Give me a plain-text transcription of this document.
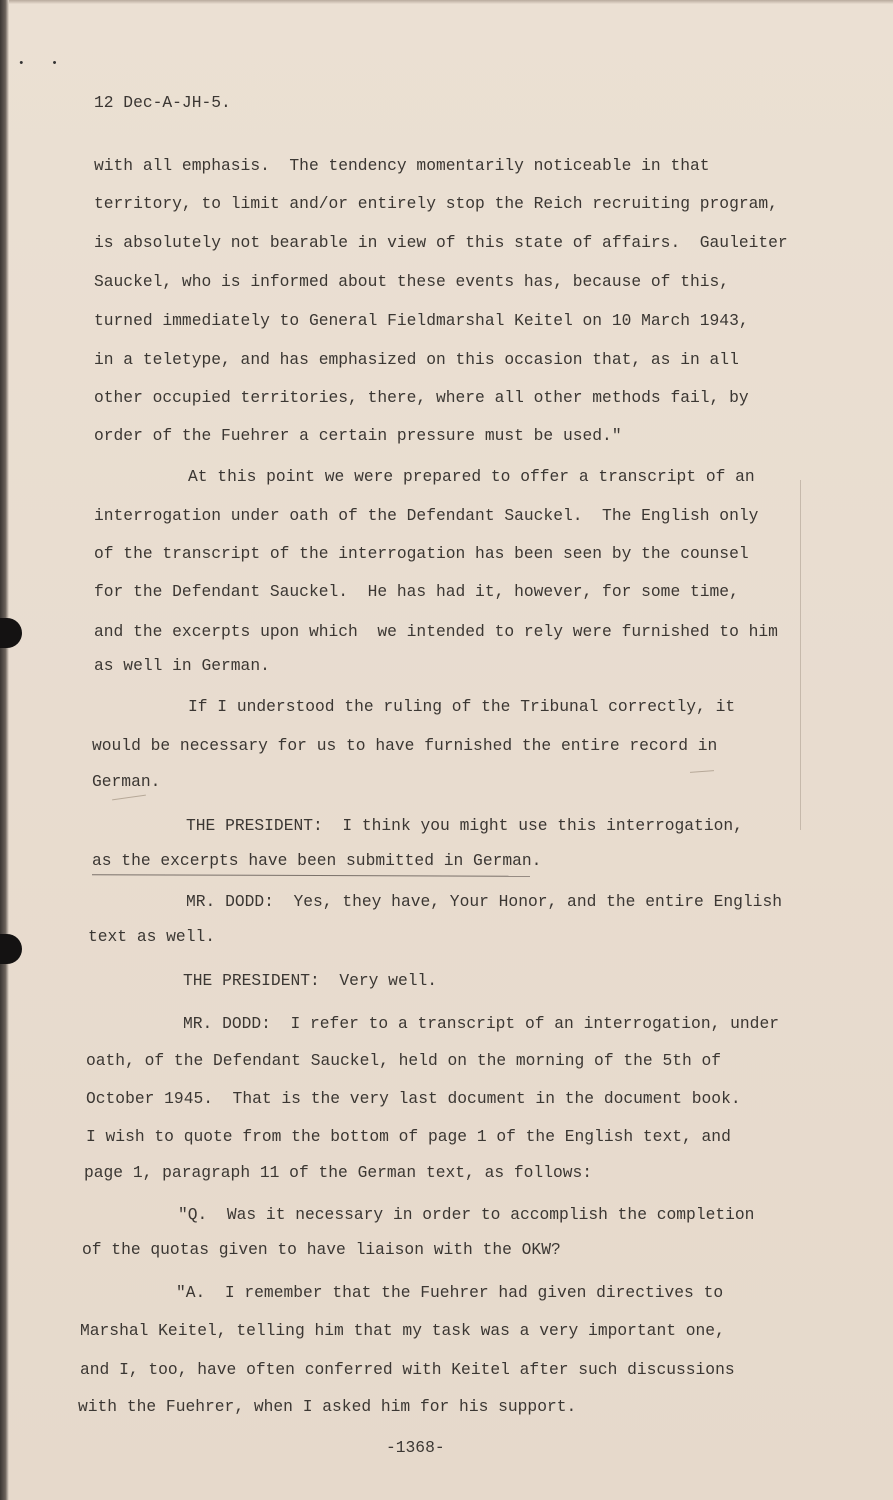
• •
12 Dec-A-JH-5.
with all emphasis.  The tendency momentarily noticeable in that
territory, to limit and/or entirely stop the Reich recruiting program,
is absolutely not bearable in view of this state of affairs.  Gauleiter
Sauckel, who is informed about these events has, because of this,
turned immediately to General Fieldmarshal Keitel on 10 March 1943,
in a teletype, and has emphasized on this occasion that, as in all
other occupied territories, there, where all other methods fail, by
order of the Fuehrer a certain pressure must be used."
At this point we were prepared to offer a transcript of an
interrogation under oath of the Defendant Sauckel.  The English only
of the transcript of the interrogation has been seen by the counsel
for the Defendant Sauckel.  He has had it, however, for some time,
and the excerpts upon which  we intended to rely were furnished to him
as well in German.
If I understood the ruling of the Tribunal correctly, it
would be necessary for us to have furnished the entire record in
German.
THE PRESIDENT:  I think you might use this interrogation,
as the excerpts have been submitted in German.
MR. DODD:  Yes, they have, Your Honor, and the entire English
text as well.
THE PRESIDENT:  Very well.
MR. DODD:  I refer to a transcript of an interrogation, under
oath, of the Defendant Sauckel, held on the morning of the 5th of
October 1945.  That is the very last document in the document book.
I wish to quote from the bottom of page 1 of the English text, and
page 1, paragraph 11 of the German text, as follows:
"Q.  Was it necessary in order to accomplish the completion
of the quotas given to have liaison with the OKW?
"A.  I remember that the Fuehrer had given directives to
Marshal Keitel, telling him that my task was a very important one,
and I, too, have often conferred with Keitel after such discussions
with the Fuehrer, when I asked him for his support.
-1368-
